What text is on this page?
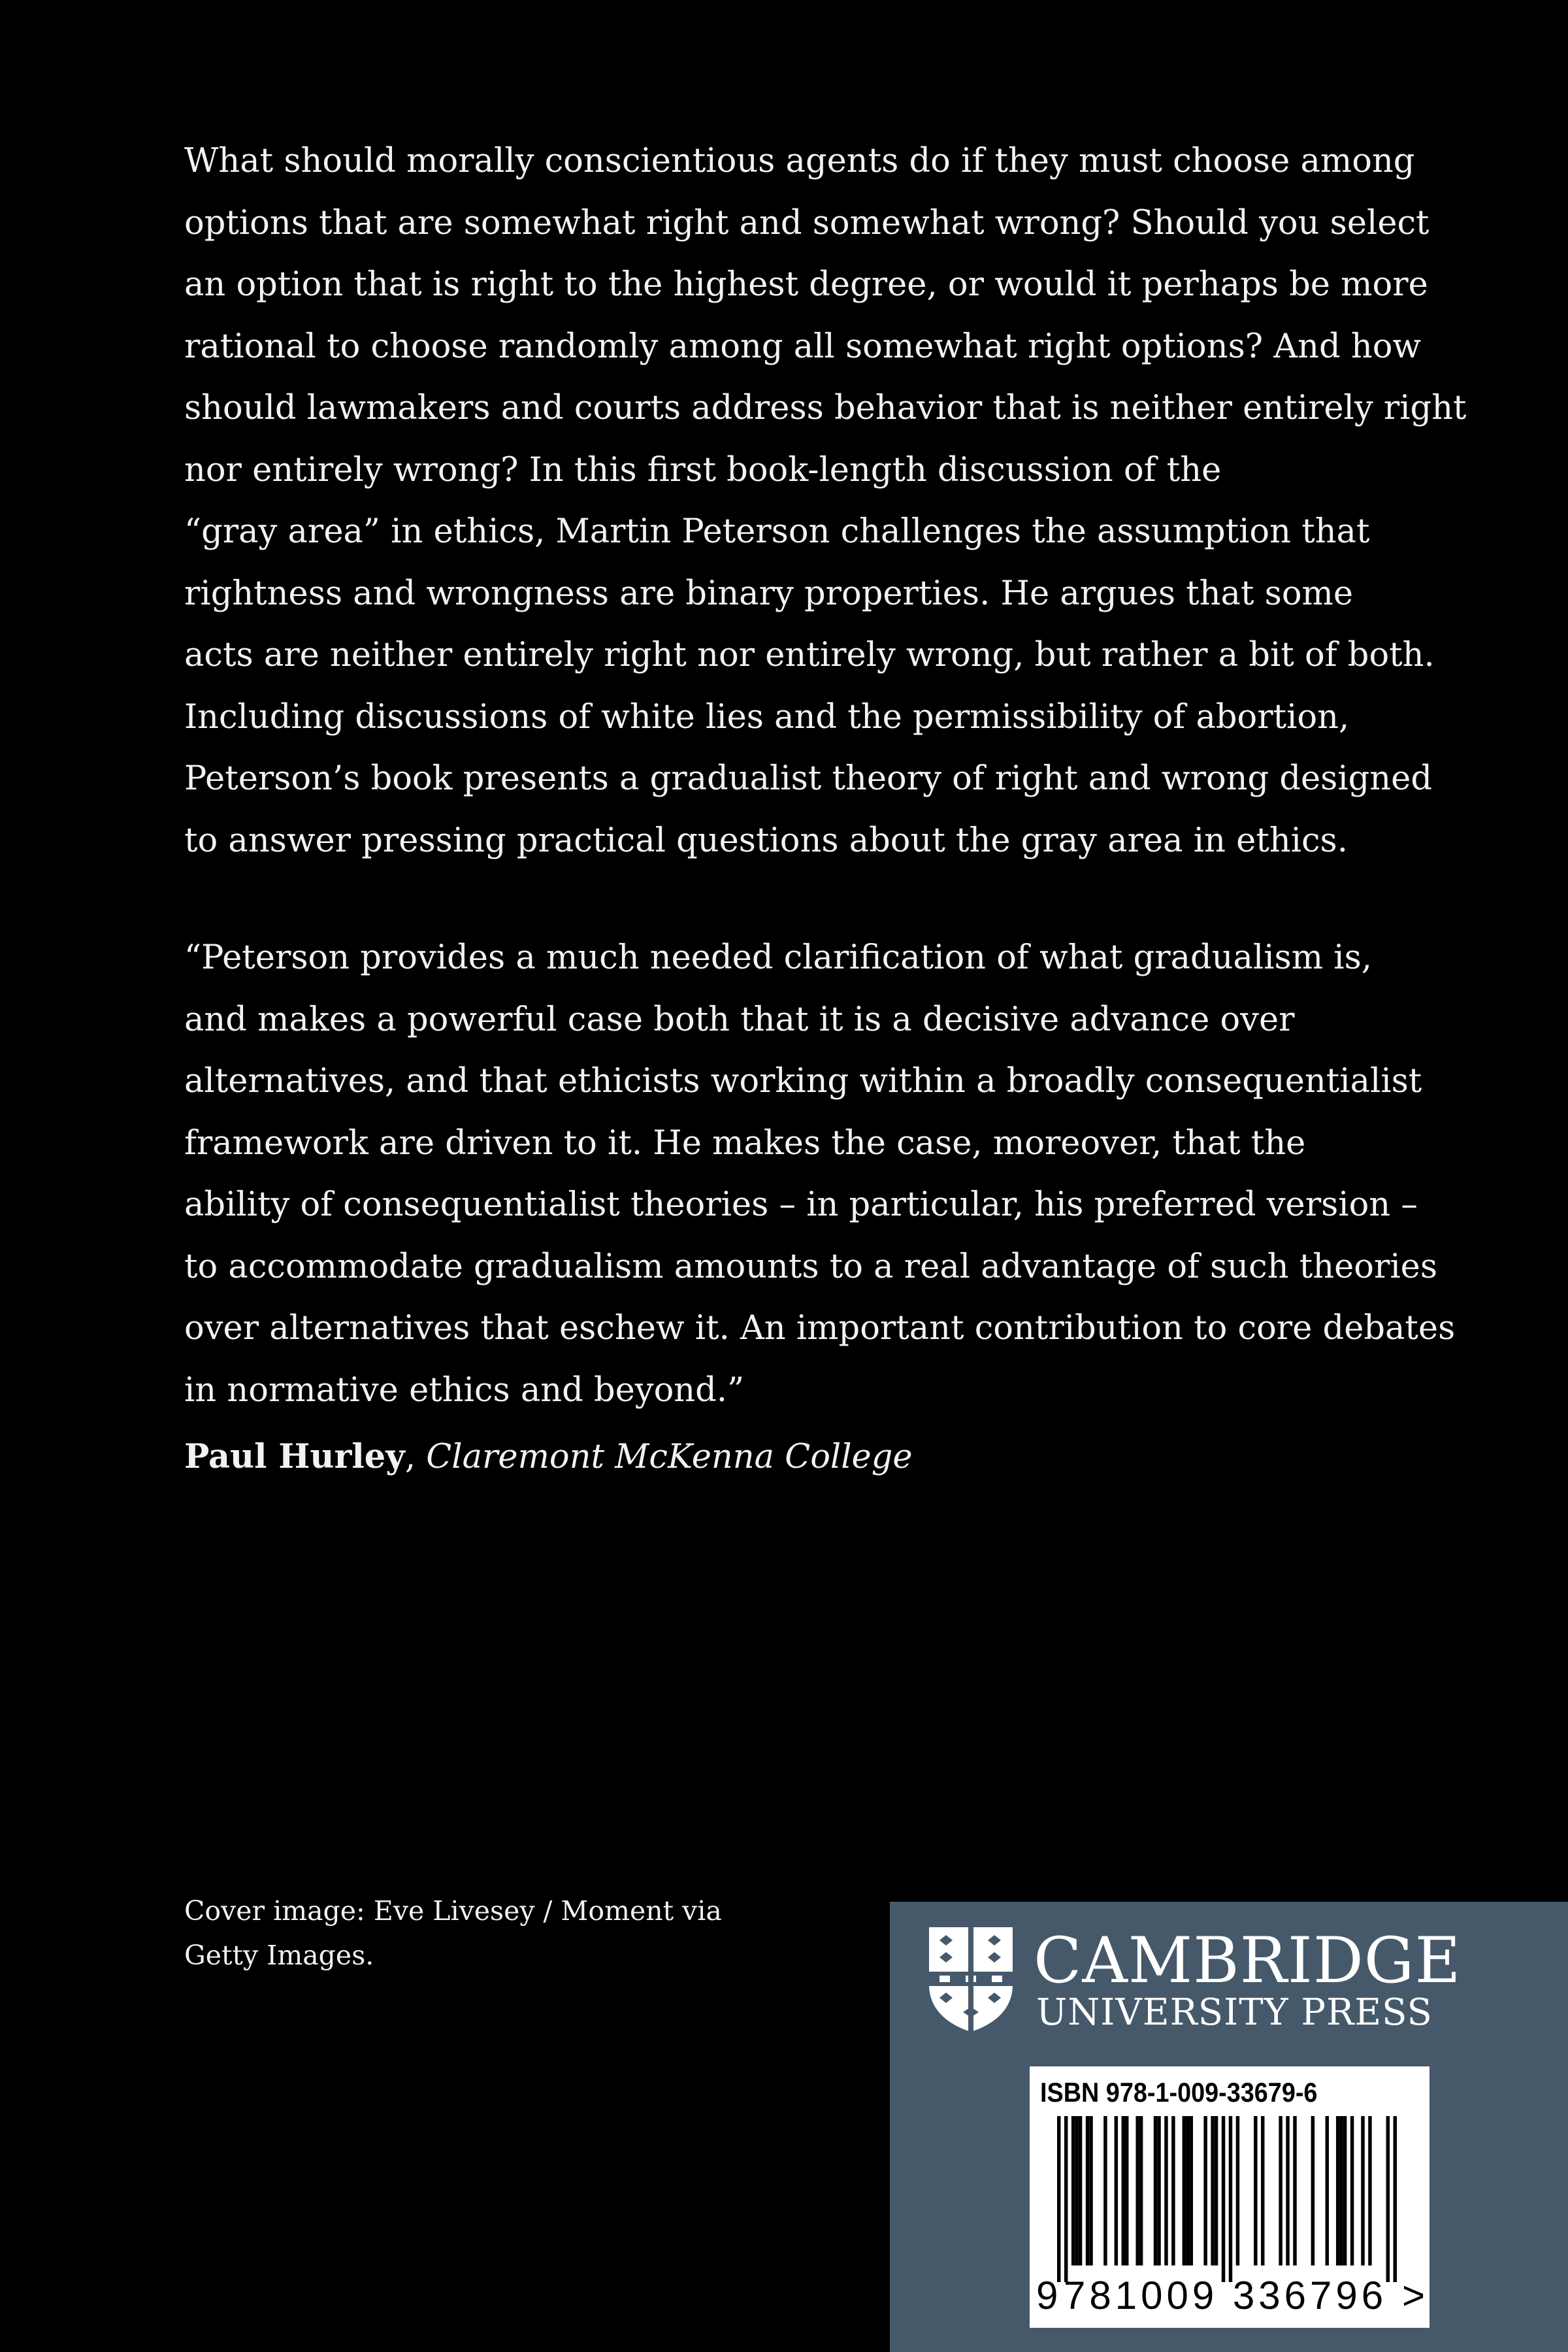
What should morally conscientious agents do if they must choose among
options that are somewhat right and somewhat wrong? Should you select
an option that is right to the highest degree, or would it perhaps be more
rational to choose randomly among all somewhat right options? And how
should lawmakers and courts address behavior that is neither entirely right
nor entirely wrong? In this first book-length discussion of the
“gray area” in ethics, Martin Peterson challenges the assumption that
rightness and wrongness are binary properties. He argues that some
acts are neither entirely right nor entirely wrong, but rather a bit of both.
Including discussions of white lies and the permissibility of abortion,
Peterson’s book presents a gradualist theory of right and wrong designed
to answer pressing practical questions about the gray area in ethics.
“Peterson provides a much needed clarification of what gradualism is,
and makes a powerful case both that it is a decisive advance over
alternatives, and that ethicists working within a broadly consequentialist
framework are driven to it. He makes the case, moreover, that the
ability of consequentialist theories – in particular, his preferred version –
to accommodate gradualism amounts to a real advantage of such theories
over alternatives that eschew it. An important contribution to core debates
in normative ethics and beyond.”
Paul Hurley, Claremont McKenna College
Cover image: Eve Livesey / Moment via
Getty Images.	CAMBRIDGE
UNIVERSITY PRESS
ISBN 978-1-009-33679-6
9 781009 336796 >
